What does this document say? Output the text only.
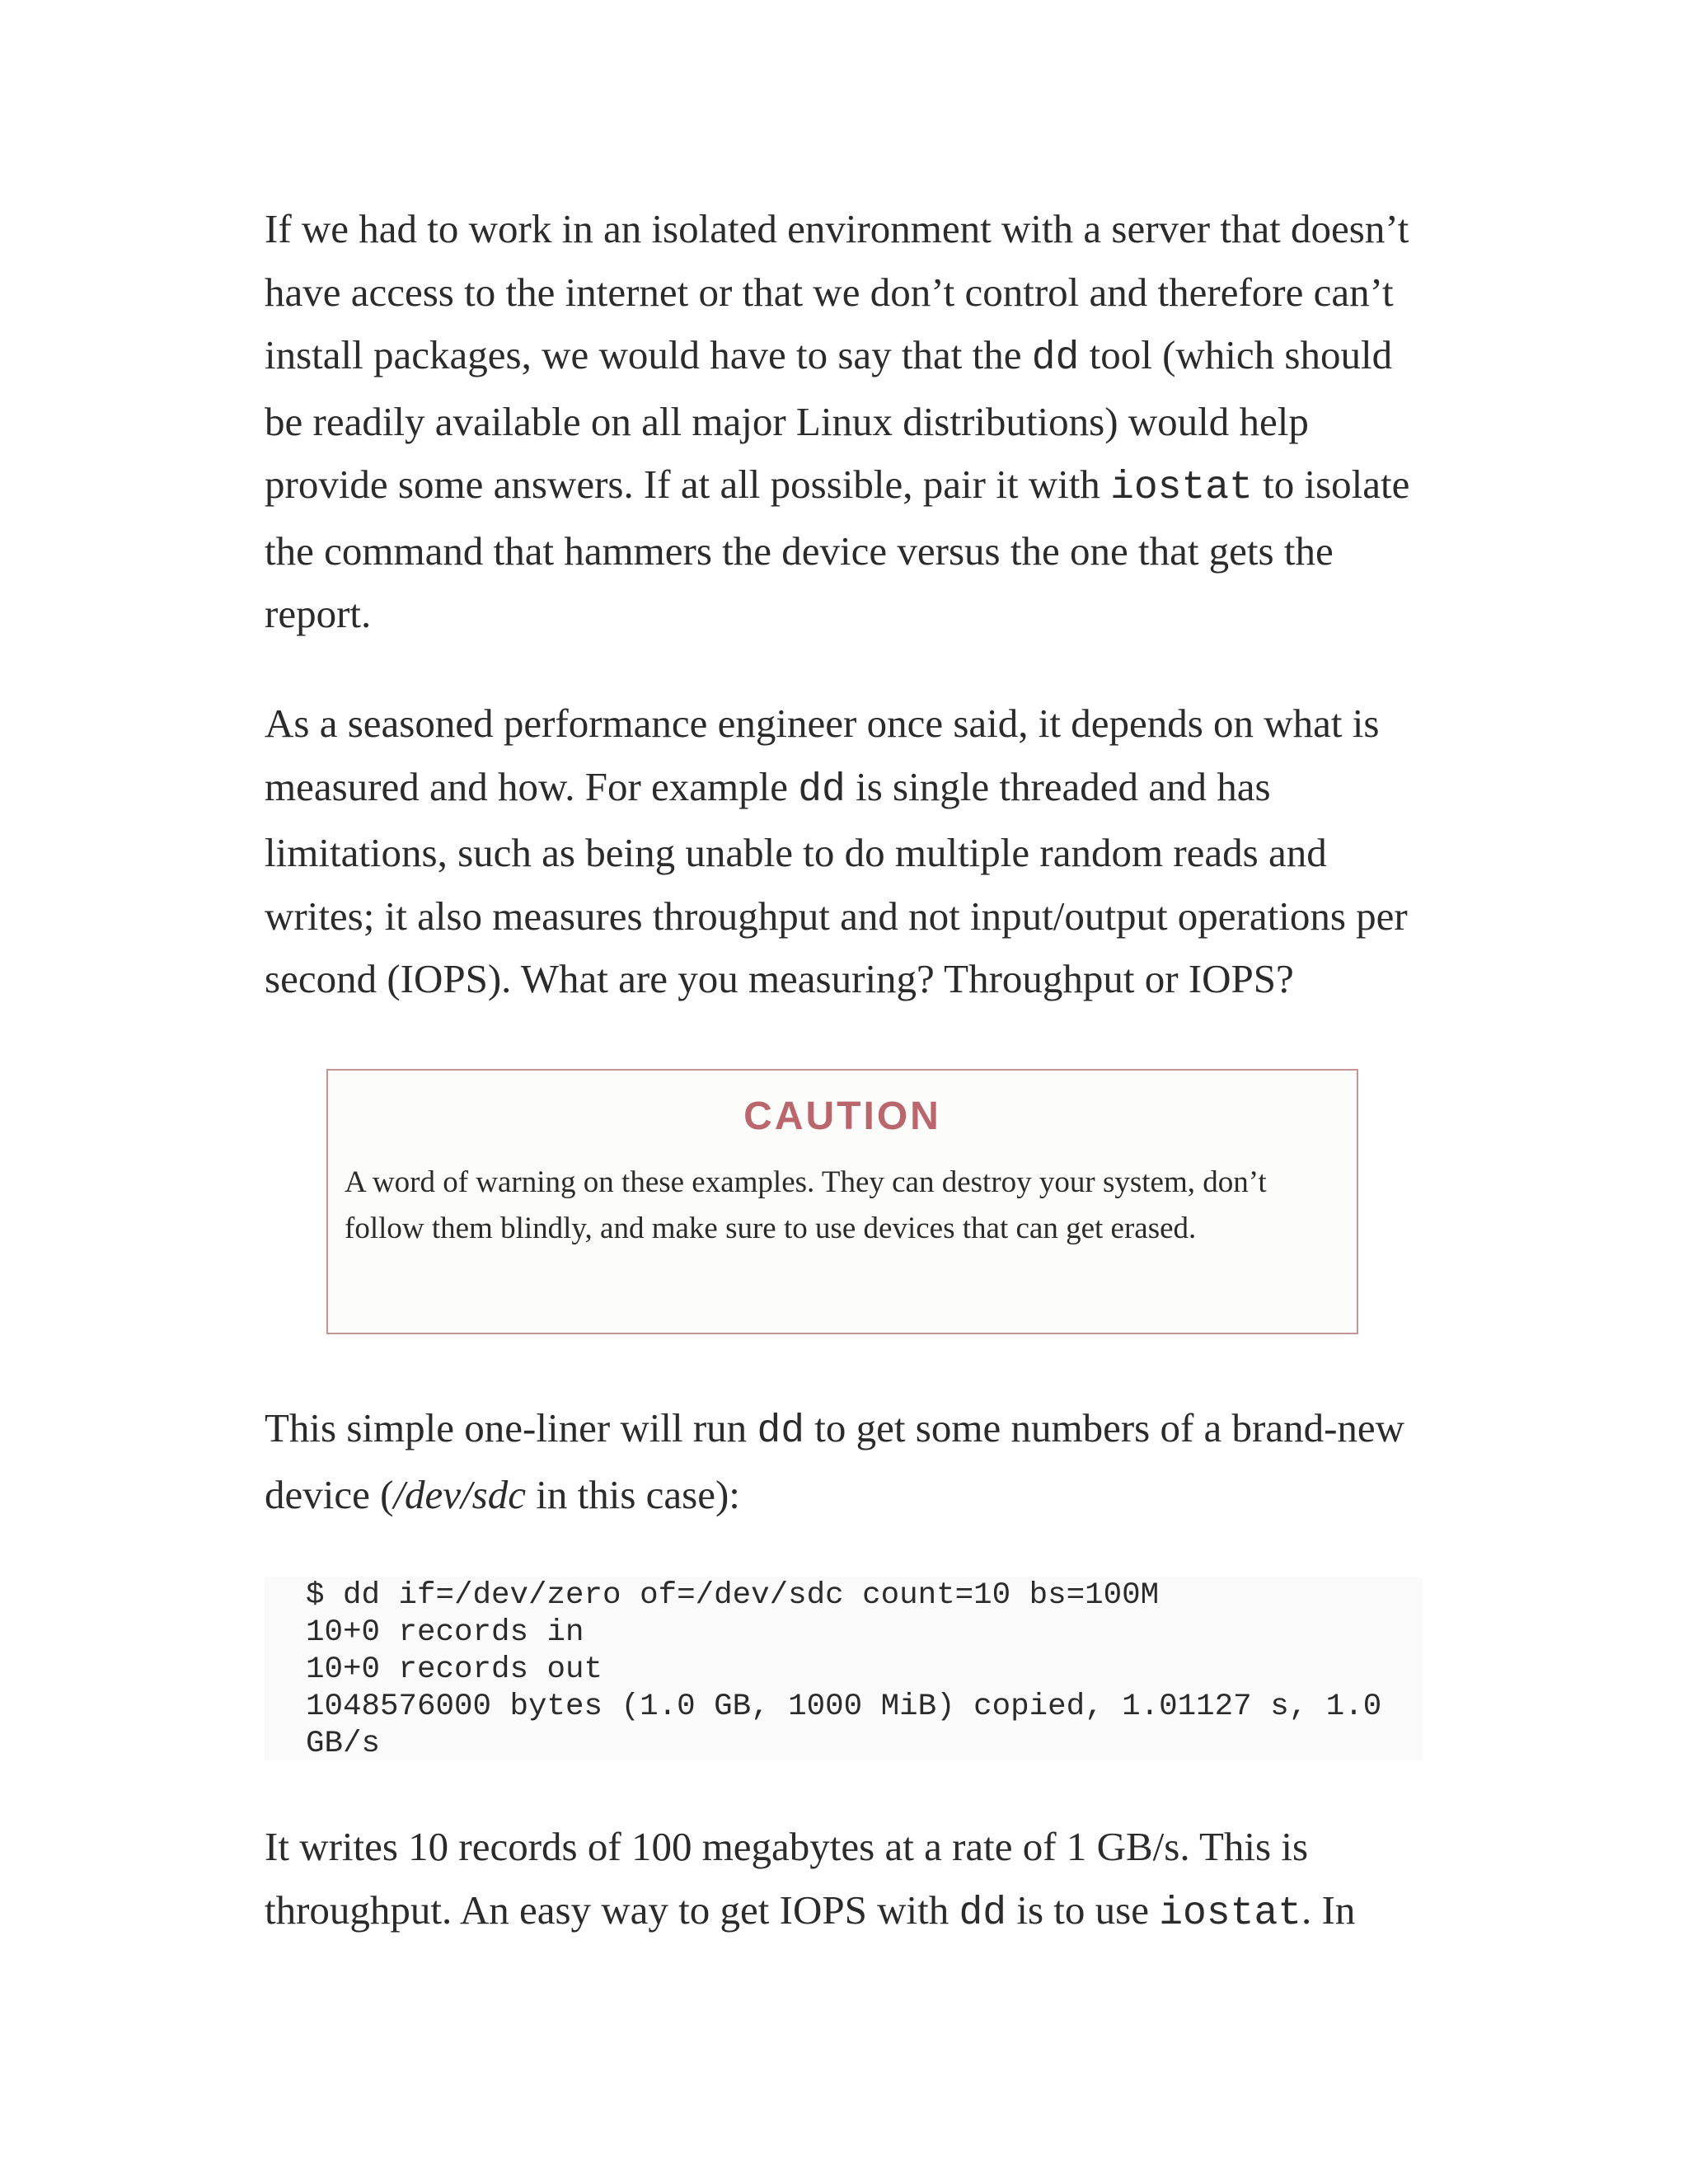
If we had to work in an isolated environment with a server that doesn’t have access to the internet or that we don’t control and therefore can’t install packages, we would have to say that the dd tool (which should be readily available on all major Linux distributions) would help provide some answers. If at all possible, pair it with iostat to isolate the command that hammers the device versus the one that gets the report.

As a seasoned performance engineer once said, it depends on what is measured and how. For example dd is single threaded and has limitations, such as being unable to do multiple random reads and writes; it also measures throughput and not input/output operations per second (IOPS). What are you measuring? Throughput or IOPS?

CAUTION

A word of warning on these examples. They can destroy your system, don’t follow them blindly, and make sure to use devices that can get erased.

This simple one-liner will run dd to get some numbers of a brand-new device (/dev/sdc in this case):

$ dd if=/dev/zero of=/dev/sdc count=10 bs=100M
10+0 records in
10+0 records out
1048576000 bytes (1.0 GB, 1000 MiB) copied, 1.01127 s, 1.0
GB/s

It writes 10 records of 100 megabytes at a rate of 1 GB/s. This is throughput. An easy way to get IOPS with dd is to use iostat. In
